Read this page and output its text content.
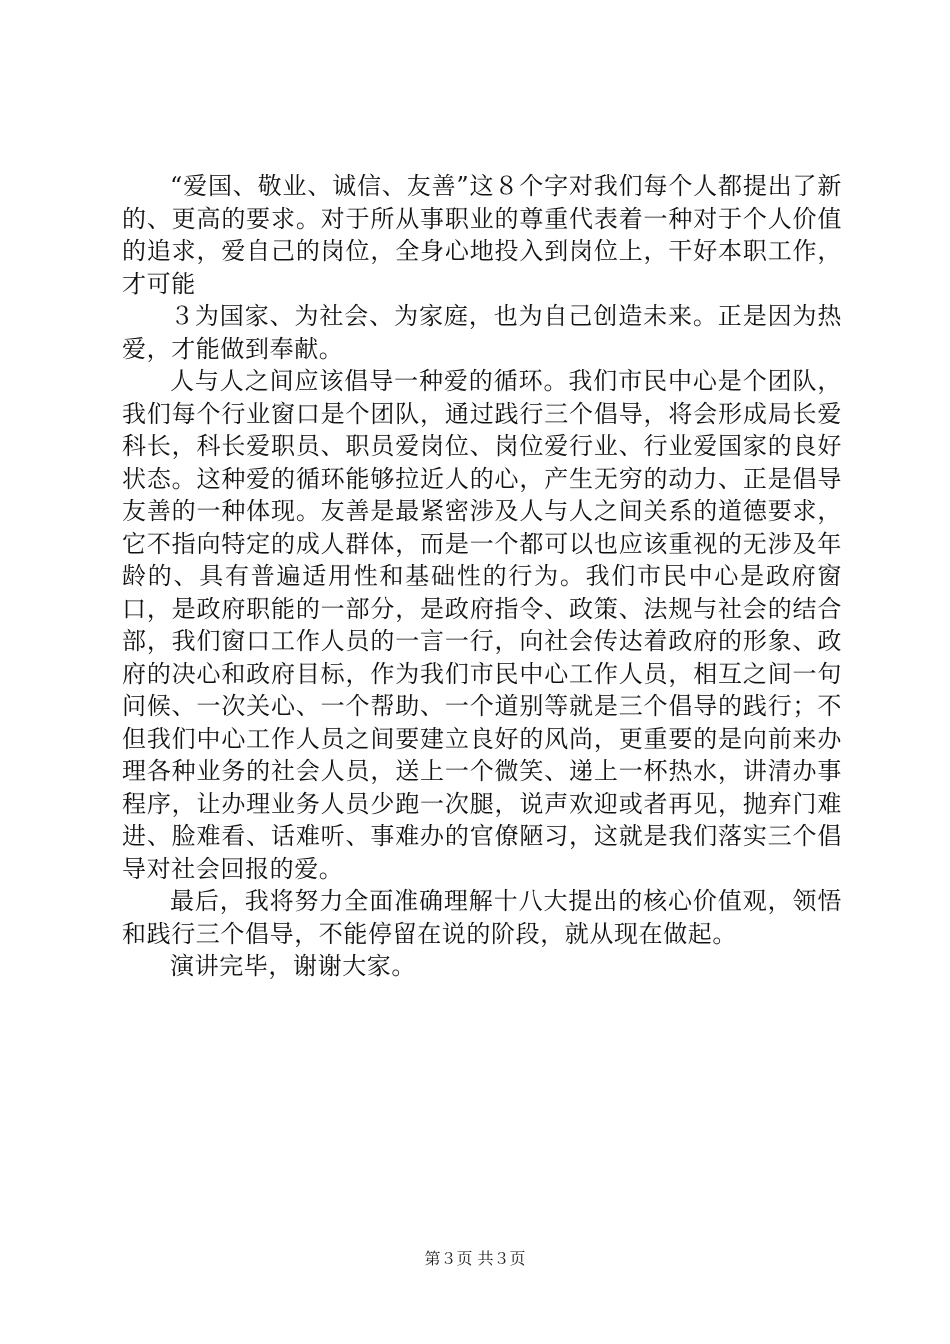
“爱国、敬业、诚信、友善”这８个字对我们每个人都提出了新的、更高的要求。对于所从事职业的尊重代表着一种对于个人价值的追求，爱自己的岗位，全身心地投入到岗位上，干好本职工作，才可能

３为国家、为社会、为家庭，也为自己创造未来。正是因为热爱，才能做到奉献。

人与人之间应该倡导一种爱的循环。我们市民中心是个团队，我们每个行业窗口是个团队，通过践行三个倡导，将会形成局长爱科长，科长爱职员、职员爱岗位、岗位爱行业、行业爱国家的良好状态。这种爱的循环能够拉近人的心，产生无穷的动力、正是倡导友善的一种体现。友善是最紧密涉及人与人之间关系的道德要求，它不指向特定的成人群体，而是一个都可以也应该重视的无涉及年龄的、具有普遍适用性和基础性的行为。我们市民中心是政府窗口，是政府职能的一部分，是政府指令、政策、法规与社会的结合部，我们窗口工作人员的一言一行，向社会传达着政府的形象、政府的决心和政府目标，作为我们市民中心工作人员，相互之间一句问候、一次关心、一个帮助、一个道别等就是三个倡导的践行；不但我们中心工作人员之间要建立良好的风尚，更重要的是向前来办理各种业务的社会人员，送上一个微笑、递上一杯热水，讲清办事程序，让办理业务人员少跑一次腿，说声欢迎或者再见，抛弃门难进、脸难看、话难听、事难办的官僚陋习，这就是我们落实三个倡导对社会回报的爱。

最后，我将努力全面准确理解十八大提出的核心价值观，领悟和践行三个倡导，不能停留在说的阶段，就从现在做起。

演讲完毕，谢谢大家。

第３页 共３页
